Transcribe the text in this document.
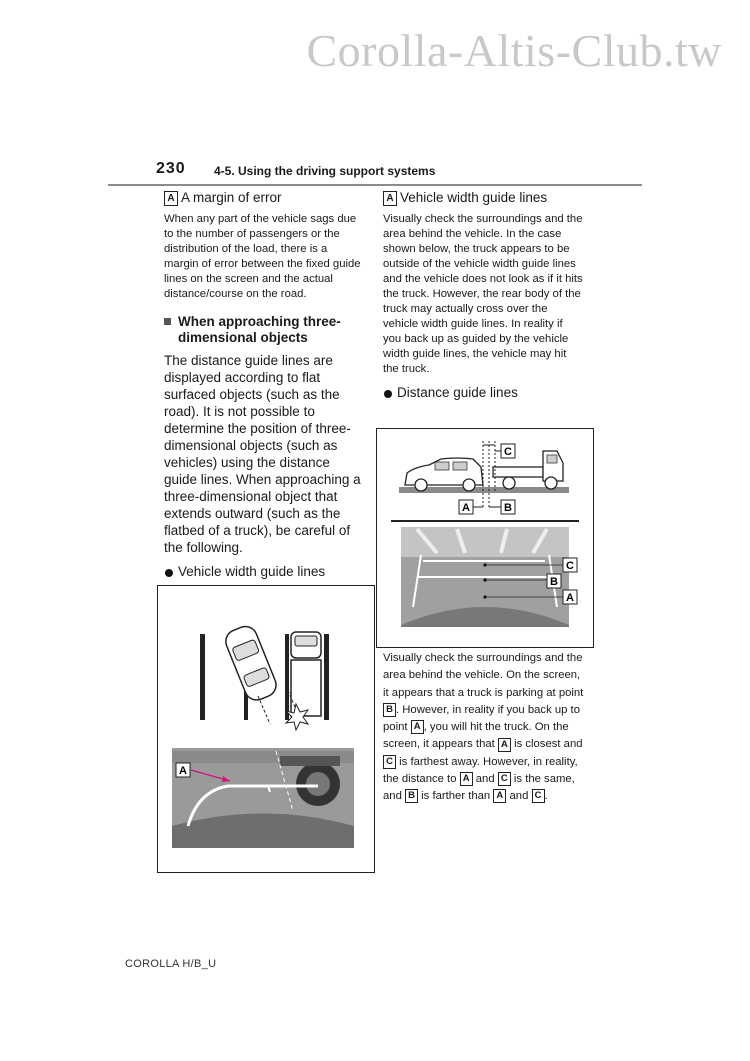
Corolla-Altis-Club.tw
230 4-5. Using the driving support systems
A A margin of error

When any part of the vehicle sags due to the number of passengers or the distribution of the load, there is a margin of error between the fixed guide lines on the screen and the actual distance/course on the road.

When approaching three-dimensional objects

The distance guide lines are displayed according to flat surfaced objects (such as the road). It is not possible to determine the position of three-dimensional objects (such as vehicles) using the distance guide lines. When approaching a three-dimensional object that extends outward (such as the flatbed of a truck), be careful of the following.

Vehicle width guide lines
A
A Vehicle width guide lines

Visually check the surroundings and the area behind the vehicle. In the case shown below, the truck appears to be outside of the vehicle width guide lines and the vehicle does not look as if it hits the truck. However, the rear body of the truck may actually cross over the vehicle width guide lines. In reality if you back up as guided by the vehicle width guide lines, the vehicle may hit the truck.

Distance guide lines
C
A	B
C
B
A
Visually check the surroundings and the area behind the vehicle. On the screen, it appears that a truck is parking at point B . However, in reality if you back up to point A , you will hit the truck. On the screen, it appears that A is closest and C is farthest away. However, in reality, the distance to A and C is the same, and B is farther than A and C .
COROLLA H/B_U
